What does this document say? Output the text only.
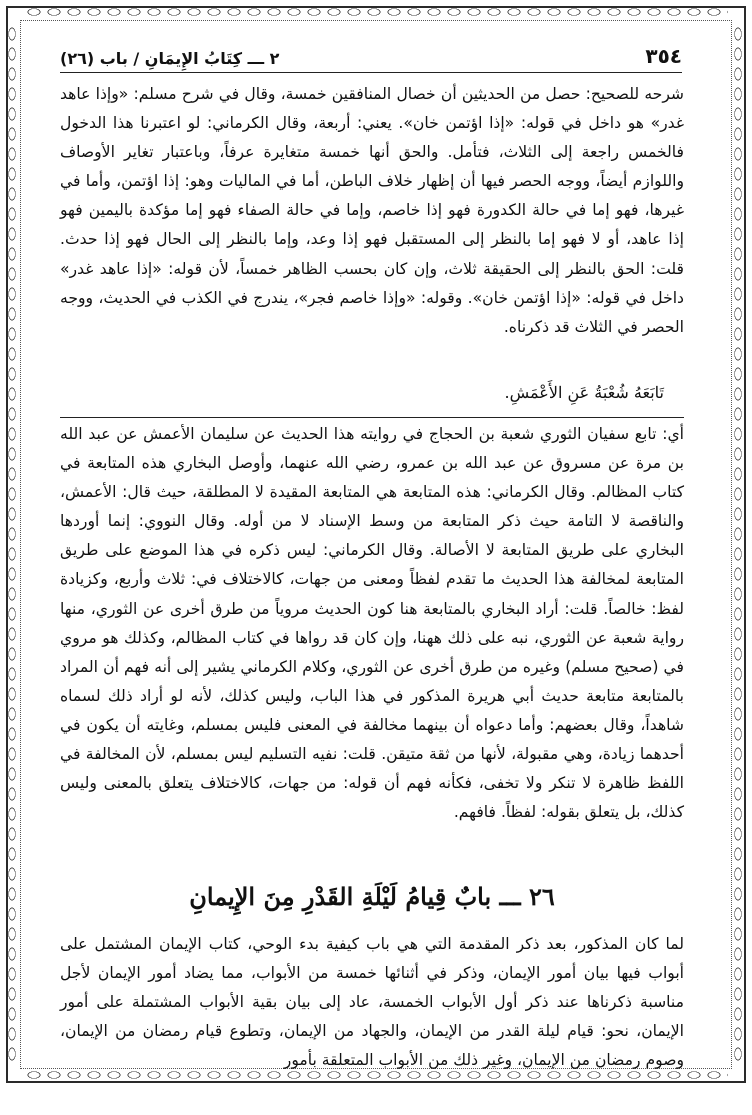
٣٥٤
٢ ـــ كِتَابُ الإِيمَانِ / باب (٢٦)

شرحه للصحيح: حصل من الحديثين أن خصال المنافقين خمسة، وقال في شرح مسلم: «وإذا عاهد غدر» هو داخل في قوله: «إذا اؤتمن خان». يعني: أربعة، وقال الكرماني: لو اعتبرنا هذا الدخول فالخمس راجعة إلى الثلاث، فتأمل. والحق أنها خمسة متغايرة عرفاً، وباعتبار تغاير الأوصاف واللوازم أيضاً، ووجه الحصر فيها أن إظهار خلاف الباطن، أما في الماليات وهو: إذا اؤتمن، وأما في غيرها، فهو إما في حالة الكدورة فهو إذا خاصم، وإما في حالة الصفاء فهو إما مؤكدة باليمين فهو إذا عاهد، أو لا فهو إما بالنظر إلى المستقبل فهو إذا وعد، وإما بالنظر إلى الحال فهو إذا حدث. قلت: الحق بالنظر إلى الحقيقة ثلاث، وإن كان بحسب الظاهر خمساً، لأن قوله: «إذا عاهد غدر» داخل في قوله: «إذا اؤتمن خان». وقوله: «وإذا خاصم فجر»، يندرج في الكذب في الحديث، ووجه الحصر في الثلاث قد ذكرناه.

تَابَعَهُ شُعْبَةُ عَنِ الأَعْمَشِ.

أي: تابع سفيان الثوري شعبة بن الحجاج في روايته هذا الحديث عن سليمان الأعمش عن عبد الله بن مرة عن مسروق عن عبد الله بن عمرو، رضي الله عنهما، وأوصل البخاري هذه المتابعة في كتاب المظالم. وقال الكرماني: هذه المتابعة هي المتابعة المقيدة لا المطلقة، حيث قال: الأعمش، والناقصة لا التامة حيث ذكر المتابعة من وسط الإسناد لا من أوله. وقال النووي: إنما أوردها البخاري على طريق المتابعة لا الأصالة. وقال الكرماني: ليس ذكره في هذا الموضع على طريق المتابعة لمخالفة هذا الحديث ما تقدم لفظاً ومعنى من جهات، كالاختلاف في: ثلاث وأربع، وكزيادة لفظ: خالصاً. قلت: أراد البخاري بالمتابعة هنا كون الحديث مروياً من طرق أخرى عن الثوري، منها رواية شعبة عن الثوري، نبه على ذلك ههنا، وإن كان قد رواها في كتاب المظالم، وكذلك هو مروي في (صحيح مسلم) وغيره من طرق أخرى عن الثوري، وكلام الكرماني يشير إلى أنه فهم أن المراد بالمتابعة متابعة حديث أبي هريرة المذكور في هذا الباب، وليس كذلك، لأنه لو أراد ذلك لسماه شاهداً، وقال بعضهم: وأما دعواه أن بينهما مخالفة في المعنى فليس بمسلم، وغايته أن يكون في أحدهما زيادة، وهي مقبولة، لأنها من ثقة متيقن. قلت: نفيه التسليم ليس بمسلم، لأن المخالفة في اللفظ ظاهرة لا تنكر ولا تخفى، فكأنه فهم أن قوله: من جهات، كالاختلاف يتعلق بالمعنى وليس كذلك، بل يتعلق بقوله: لفظاً. فافهم.

٢٦ ـــ بابٌ قِيامُ لَيْلَةِ القَدْرِ مِنَ الإِيمانِ

لما كان المذكور، بعد ذكر المقدمة التي هي باب كيفية بدء الوحي، كتاب الإيمان المشتمل على أبواب فيها بيان أمور الإيمان، وذكر في أثنائها خمسة من الأبواب، مما يضاد أمور الإيمان لأجل مناسبة ذكرناها عند ذكر أول الأبواب الخمسة، عاد إلى بيان بقية الأبواب المشتملة على أمور الإيمان، نحو: قيام ليلة القدر من الإيمان، والجهاد من الإيمان، وتطوع قيام رمضان من الإيمان، وصوم رمضان من الإيمان، وغير ذلك من الأبواب المتعلقة بأمور
